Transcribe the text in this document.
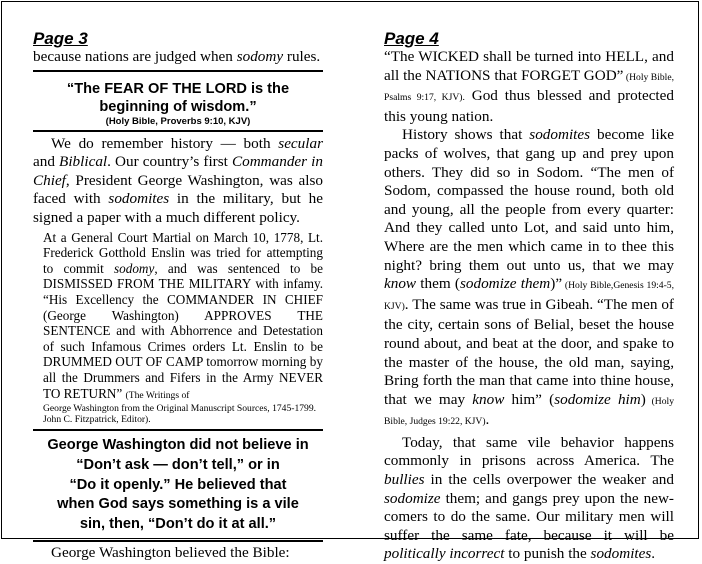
Page 3

because nations are judged when sodomy rules.

“The FEAR OF THE LORD is the
beginning of wisdom.”
(Holy Bible, Proverbs 9:10, KJV)

We do remember history — both secular and Biblical. Our country’s first Commander in Chief, President George Washington, was also faced with sodomites in the military, but he signed a paper with a much different policy.

At a General Court Martial on March 10, 1778, Lt. Frederick Gotthold Enslin was tried for attempting to commit sodomy, and was sentenced to be DISMISSED FROM THE MILITARY with infamy. “His Excellency the COMMANDER IN CHIEF (George Washington) APPROVES THE SENTENCE and with Abhorrence and Detestation of such Infamous Crimes orders Lt. Enslin to be DRUMMED OUT OF CAMP tomorrow morning by all the Drummers and Fifers in the Army NEVER TO RETURN” (The Writings of

George Washington from the Original Manuscript Sources, 1745-1799.
John C. Fitzpatrick, Editor).
George Washington did not believe in
“Don’t ask — don’t tell,” or in
“Do it openly.” He believed that
when God says something is a vile
sin, then, “Don’t do it at all.”

George Washington believed the Bible:

Page 4

“The WICKED shall be turned into HELL, and all the NATIONS that FORGET GOD” (Holy Bible, Psalms 9:17, KJV). God thus blessed and protected this young nation.

History shows that sodomites become like packs of wolves, that gang up and prey upon others. They did so in Sodom. “The men of Sodom, compassed the house round, both old and young, all the people from every quarter: And they called unto Lot, and said unto him, Where are the men which came in to thee this night? bring them out unto us, that we may know them (sodomize them)” (Holy Bible,Genesis 19:4-5, KJV). The same was true in Gibeah. “The men of the city, certain sons of Belial, beset the house round about, and beat at the door, and spake to the master of the house, the old man, saying, Bring forth the man that came into thine house, that we may know him” (sodomize him) (Holy Bible, Judges 19:22, KJV).

Today, that same vile behavior happens commonly in prisons across America. The bullies in the cells overpower the weaker and sodomize them; and gangs prey upon the new-comers to do the same. Our military men will suffer the same fate, because it will be politically incorrect to punish the sodomites.
